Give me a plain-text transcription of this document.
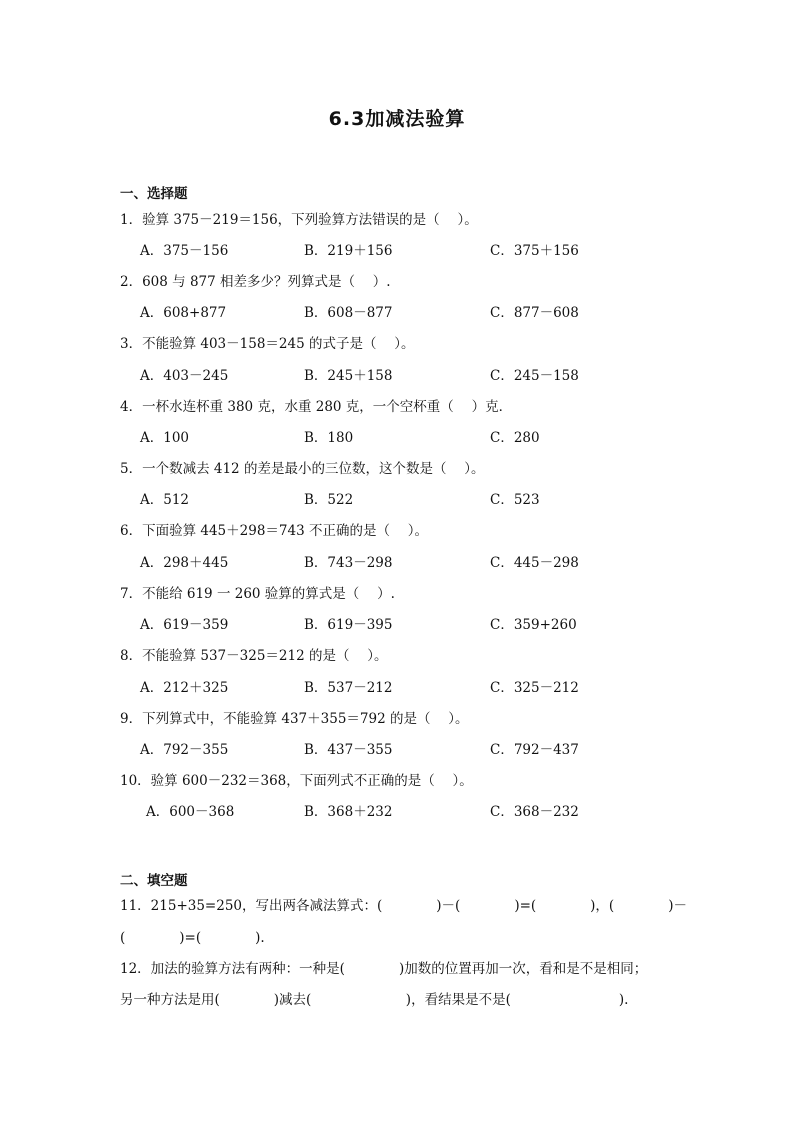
6.3加减法验算
一、选择题
1．验算 375－219＝156，下列验算方法错误的是（　 ）。
A．375－156	B．219＋156	C．375＋156
2．608 与 877 相差多少？列算式是（　 ）.
A．608+877	B．608－877	C．877－608
3．不能验算 403－158＝245 的式子是（　 ）。
A．403－245	B．245＋158	C．245－158
4．一杯水连杯重 380 克，水重 280 克，一个空杯重（　 ）克．
A．100	B．180	C．280
5．一个数减去 412 的差是最小的三位数，这个数是（　 ）。
A．512	B．522	C．523
6．下面验算 445＋298＝743 不正确的是（　 ）。
A．298＋445	B．743－298	C．445－298
7．不能给 619 一 260 验算的算式是（　 ）.
A．619－359	B．619－395	C．359+260
8．不能验算 537－325＝212 的是（　 ）。
A．212＋325	B．537－212	C．325－212
9．下列算式中，不能验算 437＋355＝792 的是（　 ）。
A．792－355	B．437－355	C．792－437
10．验算 600－232＝368，下面列式不正确的是（　 ）。
A．600－368	B．368＋232	C．368－232
二、填空题
11．215+35=250，写出两各减法算式：(　　　　)－(　　　　)=(　　　　)，(　　　　)－
(　　　　)=(　　　　).
12．加法的验算方法有两种：一种是(　　　　)加数的位置再加一次，看和是不是相同；
另一种方法是用(　　　　)减去(　　　　　　　)，看结果是不是(　　　　　　　　).
